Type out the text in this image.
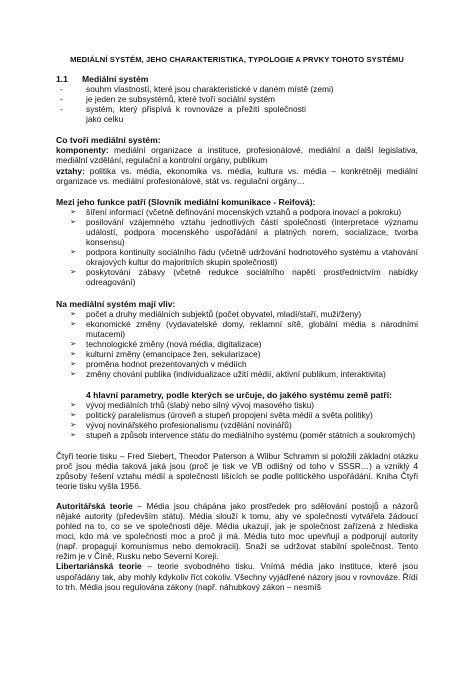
MEDIÁLNÍ SYSTÉM, JEHO CHARAKTERISTIKA, TYPOLOGIE A PRVKY TOHOTO SYSTÉMU
1.1	Mediální systém
- souhrn vlastností, které jsou charakteristické v daném místě (zemi)
- je jeden ze subsystémů, které tvoří sociální systém
- systém, který přispívá k rovnováze a přežití společnosti jako celku
Co tvoří mediální systém:

komponenty: mediální organizace a instituce, profesionálové, mediální a další legislativa, mediální vzdělání, regulační a kontrolní orgány, publikum

vztahy: politika vs. média, ekonomika vs. média, kultura vs. média – konkrétněji mediální organizace vs. mediální profesionálové, stát vs. regulační orgány…

Mezi jeho funkce patří (Slovník mediální komunikace - Reifová):
➢ šíření informací (včetně definování mocenských vztahů a podpora inovací a pokroku)
➢ posilování vzájemného vztahu jednotlivých částí společnosti (interpretace významu událostí, podpora mocenského uspořádání a platných norem, socializace, tvorba konsensu)
➢ podpora kontinuity sociálního řádu (včetně udržování hodnotového systému a vtahování okrajových kultur do majoritních skupin společnosti)
➢ poskytování zábavy (včetně redukce sociálního napětí prostřednictvím nabídky odreagování)
Na mediální systém mají vliv:
➢ počet a druhy mediálních subjektů (počet obyvatel, mladí/staří, muži/ženy)
➢ ekonomické změny (vydavatelské domy, reklamní sítě, globální média s národními mutacemi)
➢ technologické změny (nová média, digitalizace)
➢ kulturní změny (emancipace žen, sekularizace)
➢ proměna hodnot prezentovaných v médiích
➢ změny chování publika (individualizace užití médií, aktivní publikum, interaktivita)
4 hlavní parametry, podle kterých se určuje, do jakého systému země patří:
➢ vývoj mediálních trhů (slabý nebo silný vývoj masového tisku)
➢ politický paralelismus (úroveň a stupeň propojení světa médií a světa politiky)
➢ vývoj novinářského profesionalismu (vzdělání novinářů)
➢ stupeň a způsob intervence státu do mediálního systému (poměr státních a soukromých)

Čtyři teorie tisku – Fred Siebert, Theodor Paterson a Wilbur Schramm si položili základní otázku proč jsou média taková jaká jsou (proč je tisk ve VB odlišný od toho v SSSR…) a vzniklý 4 způsoby řešení vztahu médií a společnosti lišících se podle politického uspořádání. Kniha Čtyři teorie tisku vyšla 1956.

Autoritářská teorie – Média jsou chápána jako prostředek pro sdělování postojů a názorů nějaké autority (především státu). Média slouží k tomu, aby ve společnosti vytvářela žádoucí pohled na to, co se ve společnosti děje. Média ukazují, jak je společnost zařízená z hlediska moci, kdo má ve společnosti moc a proč ji má. Média tuto moc upevňují a podporují autority (např. propagují komunismus nebo demokracii). Snaží se udržovat stabilní společnost. Tento režim je v Číně, Rusku nebo Severní Koreji.

Libertariánská teorie – teorie svobodného tisku. Vnímá média jako instituce, které jsou uspořádány tak, aby mohly kdykoliv říct cokoliv. Všechny vyjádřené názory jsou v rovnováze. Řídí to trh. Média jsou regulována zákony (např. náhubkový zákon – nesmíš
